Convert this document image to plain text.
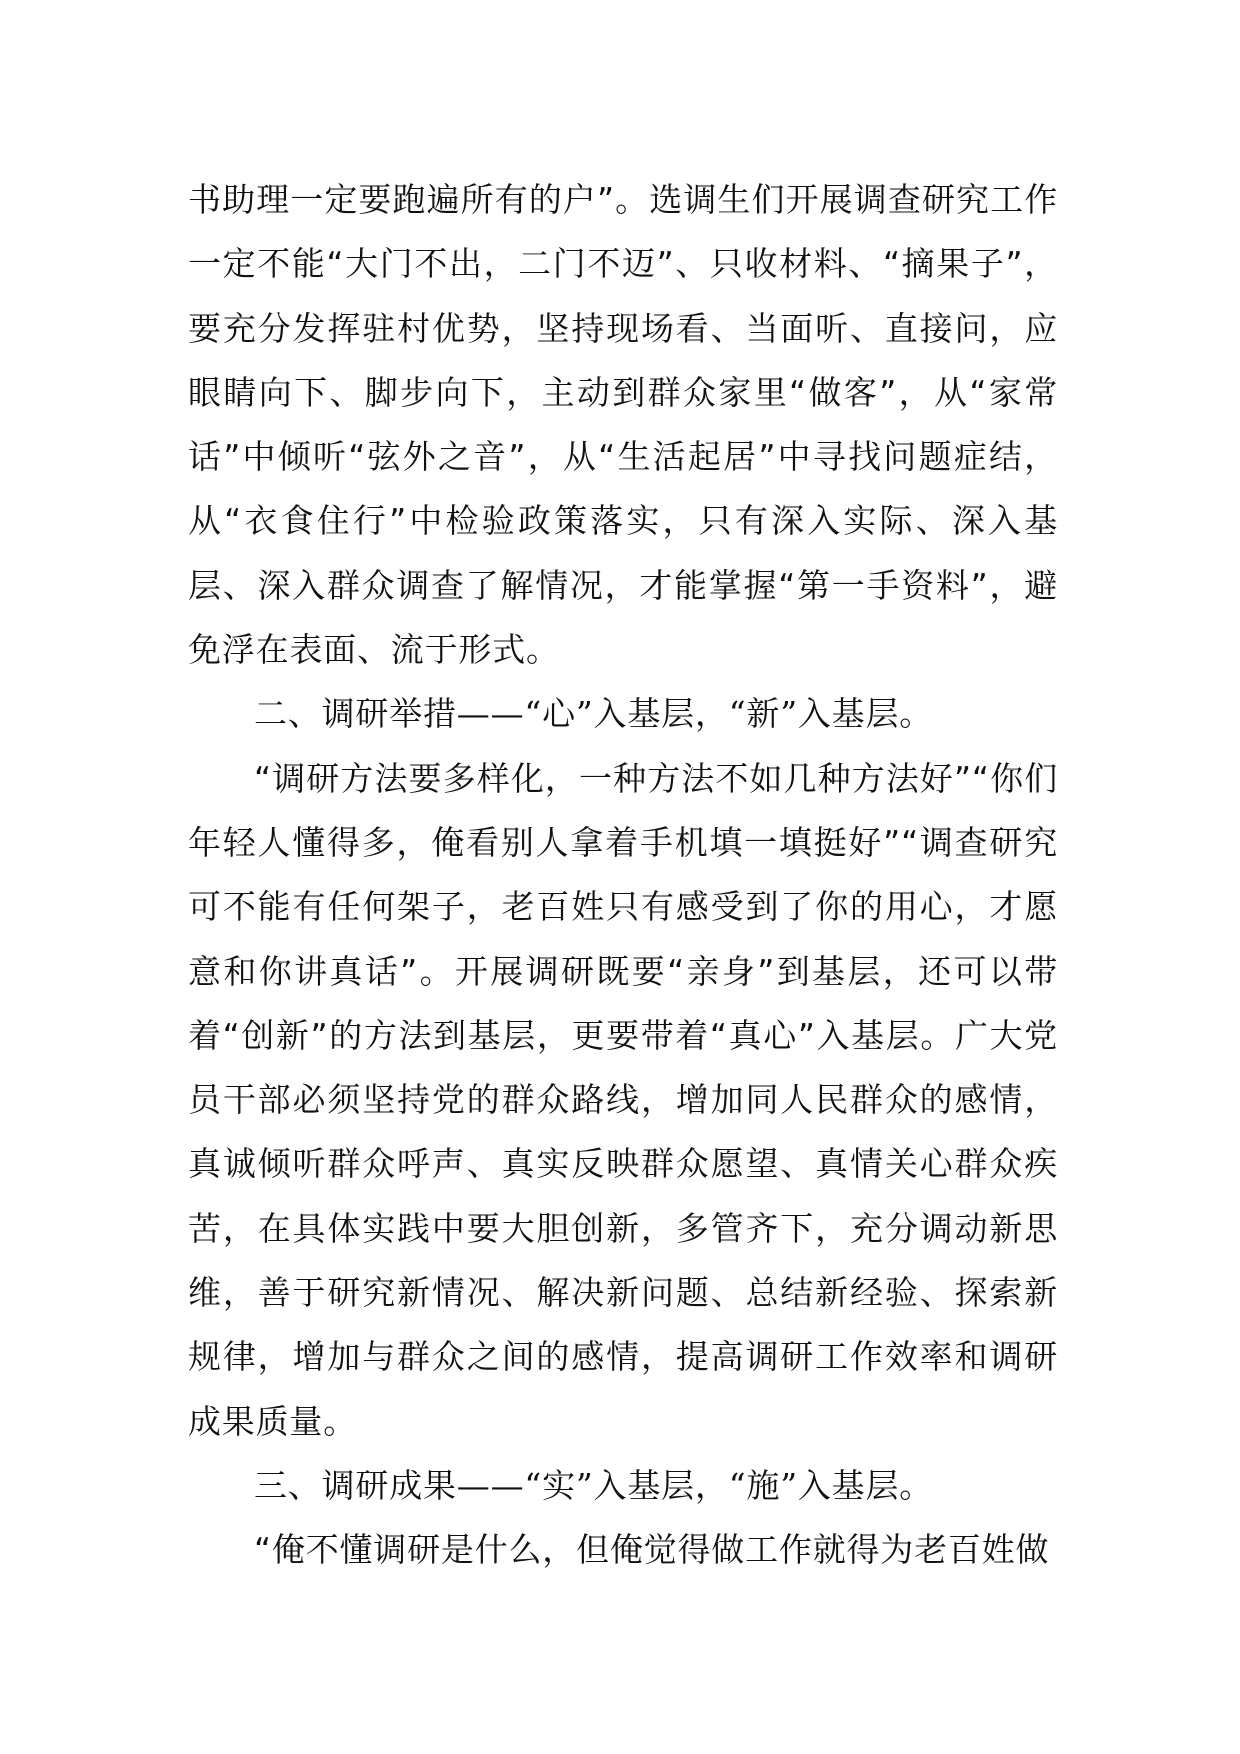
书助理一定要跑遍所有的户”。选调生们开展调查研究工作一定不能“大门不出，二门不迈”、只收材料、“摘果子”，要充分发挥驻村优势，坚持现场看、当面听、直接问，应眼睛向下、脚步向下，主动到群众家里“做客”，从“家常话”中倾听“弦外之音”，从“生活起居”中寻找问题症结，从“衣食住行”中检验政策落实，只有深入实际、深入基层、深入群众调查了解情况，才能掌握“第一手资料”，避免浮在表面、流于形式。

二、调研举措——“心”入基层，“新”入基层。

“调研方法要多样化，一种方法不如几种方法好”“你们年轻人懂得多，俺看别人拿着手机填一填挺好”“调查研究可不能有任何架子，老百姓只有感受到了你的用心，才愿意和你讲真话”。开展调研既要“亲身”到基层，还可以带着“创新”的方法到基层，更要带着“真心”入基层。广大党员干部必须坚持党的群众路线，增加同人民群众的感情，真诚倾听群众呼声、真实反映群众愿望、真情关心群众疾苦，在具体实践中要大胆创新，多管齐下，充分调动新思维，善于研究新情况、解决新问题、总结新经验、探索新规律，增加与群众之间的感情，提高调研工作效率和调研成果质量。

三、调研成果——“实”入基层，“施”入基层。

“俺不懂调研是什么，但俺觉得做工作就得为老百姓做
